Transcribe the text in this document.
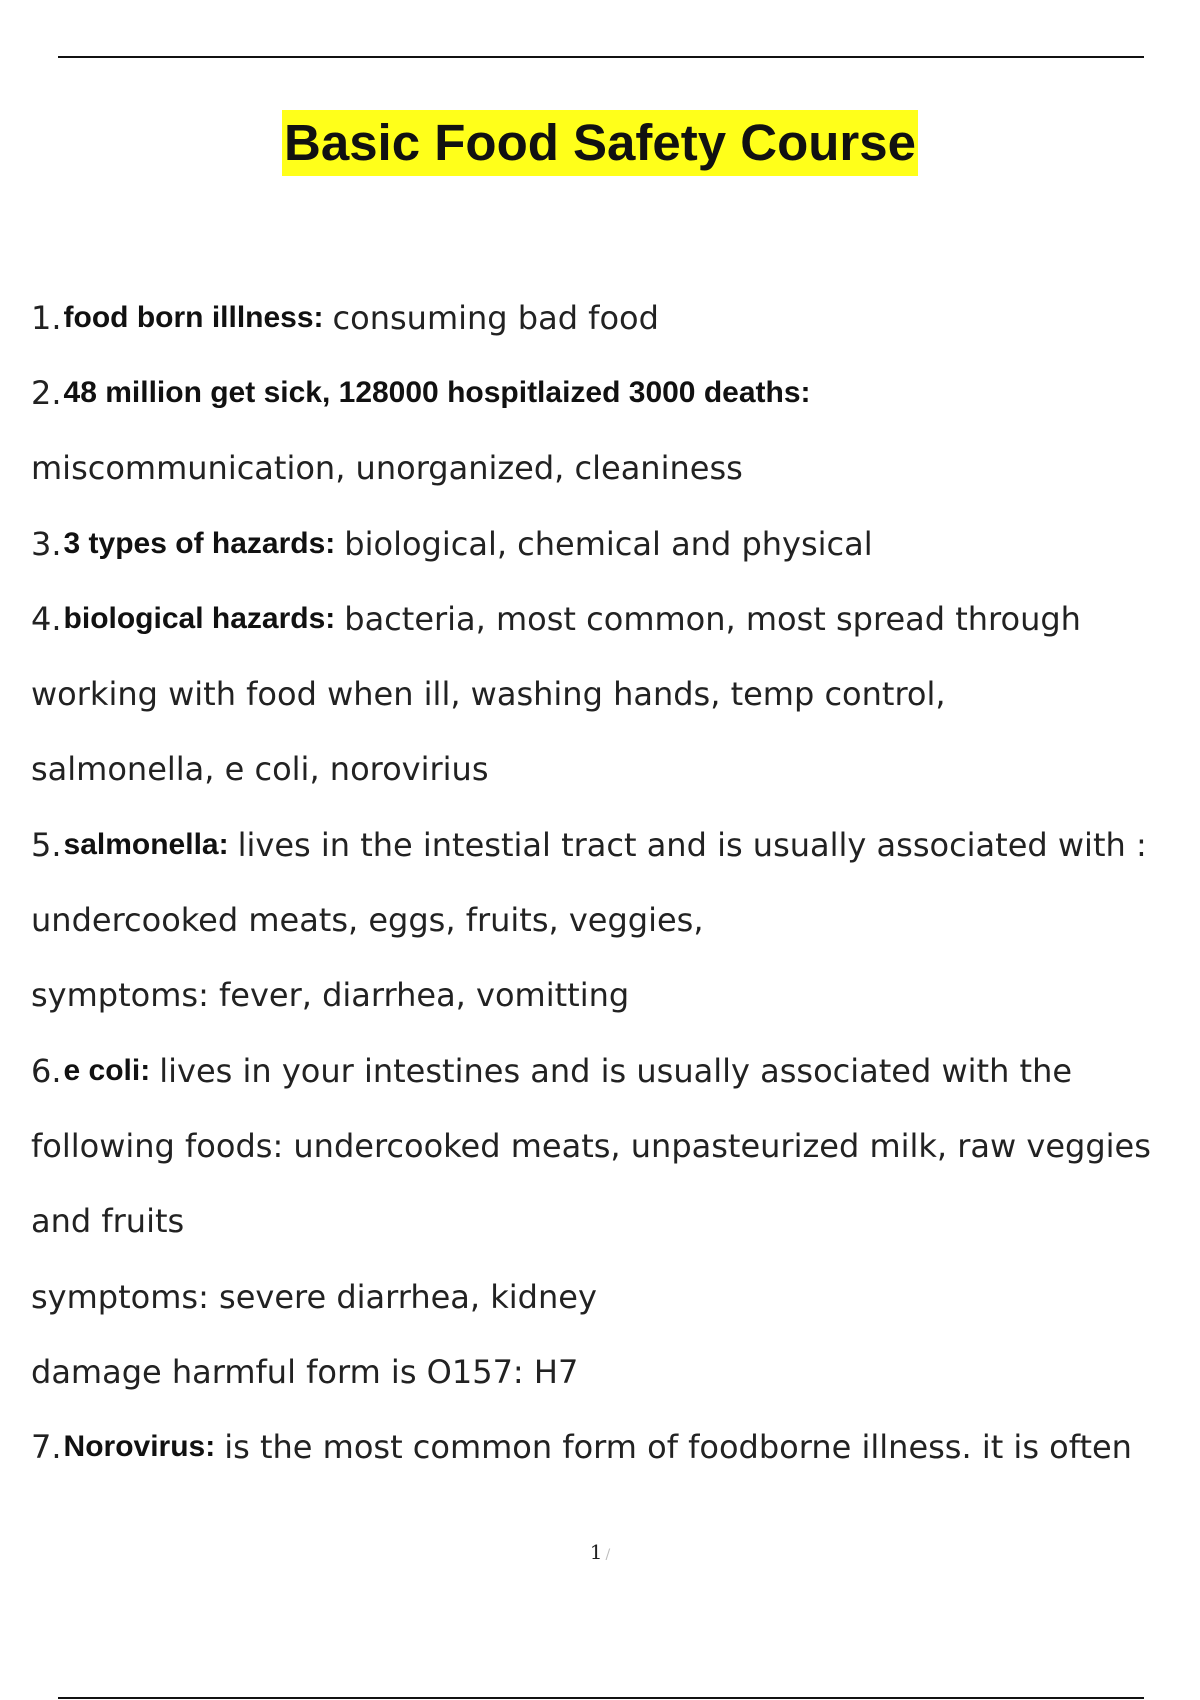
Basic Food Safety Course
1. food born illlness: consuming bad food
2. 48 million get sick, 128000 hospitlaized 3000 deaths:
miscommunication, unorganized, cleaniness
3. 3 types of hazards: biological, chemical and physical
4. biological hazards: bacteria, most common, most spread through
working with food when ill, washing hands, temp control,
salmonella, e coli, norovirius
5. salmonella: lives in the intestial tract and is usually associated with :
undercooked meats, eggs, fruits, veggies,
symptoms: fever, diarrhea, vomitting
6. e coli: lives in your intestines and is usually associated with the
following foods: undercooked meats, unpasteurized milk, raw veggies
and fruits
symptoms: severe diarrhea, kidney
damage harmful form is O157: H7
7. Norovirus: is the most common form of foodborne illness. it is often
1 /
